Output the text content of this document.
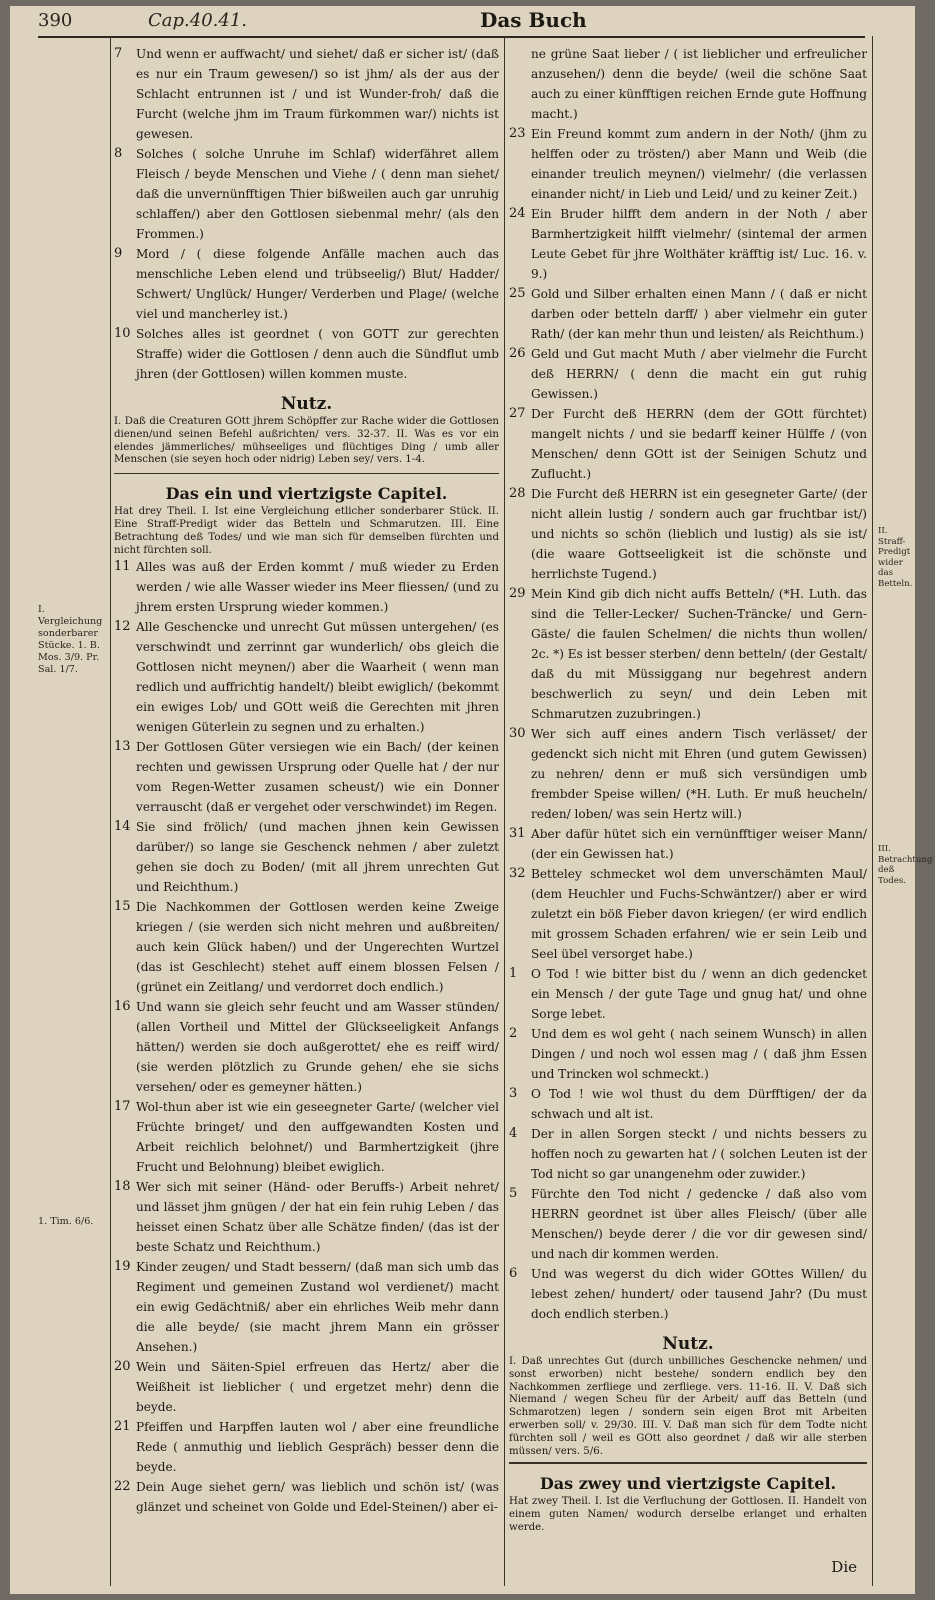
390	Cap.40.41.	Das Buch
I. Vergleichung sonderbarer Stücke. 1. B. Mos. 3/9. Pr. Sal. 1/7.
1. Tim. 6/6.
II. Straff-Predigt wider das Betteln.
III. Betrachtung deß Todes.

7 Und wenn er auffwacht/ und siehet/ daß er sicher ist/ (daß es nur ein Traum gewesen/) so ist jhm/ als der aus der Schlacht entrunnen ist / und ist Wunder-froh/ daß die Furcht (welche jhm im Traum fürkommen war/) nichts ist gewesen.

8 Solches ( solche Unruhe im Schlaf) widerfähret allem Fleisch / beyde Menschen und Viehe / ( denn man siehet/ daß die unvernünfftigen Thier bißweilen auch gar unruhig schlaffen/) aber den Gottlosen siebenmal mehr/ (als den Frommen.)

9 Mord / ( diese folgende Anfälle machen auch das menschliche Leben elend und trübseelig/) Blut/ Hadder/ Schwert/ Unglück/ Hunger/ Verderben und Plage/ (welche viel und mancherley ist.)

10 Solches alles ist geordnet ( von GOTT zur gerechten Straffe) wider die Gottlosen / denn auch die Sündflut umb jhren (der Gottlosen) willen kommen muste.

Nutz.

I. Daß die Creaturen GOtt jhrem Schöpffer zur Rache wider die Gottlosen dienen/und seinen Befehl außrichten/ vers. 32-37. II. Was es vor ein elendes jämmerliches/ mühseeliges und flüchtiges Ding / umb aller Menschen (sie seyen hoch oder nidrig) Leben sey/ vers. 1-4.

Das ein und viertzigste Capitel.

Hat drey Theil. I. Ist eine Vergleichung etlicher sonderbarer Stück. II. Eine Straff-Predigt wider das Betteln und Schmarutzen. III. Eine Betrachtung deß Todes/ und wie man sich für demselben fürchten und nicht fürchten soll.

11 Alles was auß der Erden kommt / muß wieder zu Erden werden / wie alle Wasser wieder ins Meer fliessen/ (und zu jhrem ersten Ursprung wieder kommen.)

12 Alle Geschencke und unrecht Gut müssen untergehen/ (es verschwindt und zerrinnt gar wunderlich/ obs gleich die Gottlosen nicht meynen/) aber die Waarheit ( wenn man redlich und auffrichtig handelt/) bleibt ewiglich/ (bekommt ein ewiges Lob/ und GOtt weiß die Gerechten mit jhren wenigen Güterlein zu segnen und zu erhalten.)

13 Der Gottlosen Güter versiegen wie ein Bach/ (der keinen rechten und gewissen Ursprung oder Quelle hat / der nur vom Regen-Wetter zusamen scheust/) wie ein Donner verrauscht (daß er vergehet oder verschwindet) im Regen.

14 Sie sind frölich/ (und machen jhnen kein Gewissen darüber/) so lange sie Geschenck nehmen / aber zuletzt gehen sie doch zu Boden/ (mit all jhrem unrechten Gut und Reichthum.)

15 Die Nachkommen der Gottlosen werden keine Zweige kriegen / (sie werden sich nicht mehren und außbreiten/ auch kein Glück haben/) und der Ungerechten Wurtzel (das ist Geschlecht) stehet auff einem blossen Felsen / (grünet ein Zeitlang/ und verdorret doch endlich.)

16 Und wann sie gleich sehr feucht und am Wasser stünden/ (allen Vortheil und Mittel der Glückseeligkeit Anfangs hätten/) werden sie doch außgerottet/ ehe es reiff wird/ (sie werden plötzlich zu Grunde gehen/ ehe sie sichs versehen/ oder es gemeyner hätten.)

17 Wol-thun aber ist wie ein geseegneter Garte/ (welcher viel Früchte bringet/ und den auffgewandten Kosten und Arbeit reichlich belohnet/) und Barmhertzigkeit (jhre Frucht und Belohnung) bleibet ewiglich.

18 Wer sich mit seiner (Händ- oder Beruffs-) Arbeit nehret/ und lässet jhm gnügen / der hat ein fein ruhig Leben / das heisset einen Schatz über alle Schätze finden/ (das ist der beste Schatz und Reichthum.)

19 Kinder zeugen/ und Stadt bessern/ (daß man sich umb das Regiment und gemeinen Zustand wol verdienet/) macht ein ewig Gedächtniß/ aber ein ehrliches Weib mehr dann die alle beyde/ (sie macht jhrem Mann ein grösser Ansehen.)

20 Wein und Säiten-Spiel erfreuen das Hertz/ aber die Weißheit ist lieblicher ( und ergetzet mehr) denn die beyde.

21 Pfeiffen und Harpffen lauten wol / aber eine freundliche Rede ( anmuthig und lieblich Gespräch) besser denn die beyde.

22 Dein Auge siehet gern/ was lieblich und schön ist/ (was glänzet und scheinet von Golde und Edel-Steinen/) aber ei-

ne grüne Saat lieber / ( ist lieblicher und erfreulicher anzusehen/) denn die beyde/ (weil die schöne Saat auch zu einer künfftigen reichen Ernde gute Hoffnung macht.)

23 Ein Freund kommt zum andern in der Noth/ (jhm zu helffen oder zu trösten/) aber Mann und Weib (die einander treulich meynen/) vielmehr/ (die verlassen einander nicht/ in Lieb und Leid/ und zu keiner Zeit.)

24 Ein Bruder hilfft dem andern in der Noth / aber Barmhertzigkeit hilfft vielmehr/ (sintemal der armen Leute Gebet für jhre Wolthäter kräfftig ist/ Luc. 16. v. 9.)

25 Gold und Silber erhalten einen Mann / ( daß er nicht darben oder betteln darff/ ) aber vielmehr ein guter Rath/ (der kan mehr thun und leisten/ als Reichthum.)

26 Geld und Gut macht Muth / aber vielmehr die Furcht deß HERRN/ ( denn die macht ein gut ruhig Gewissen.)

27 Der Furcht deß HERRN (dem der GOtt fürchtet) mangelt nichts / und sie bedarff keiner Hülffe / (von Menschen/ denn GOtt ist der Seinigen Schutz und Zuflucht.)

28 Die Furcht deß HERRN ist ein gesegneter Garte/ (der nicht allein lustig / sondern auch gar fruchtbar ist/) und nichts so schön (lieblich und lustig) als sie ist/ (die waare Gottseeligkeit ist die schönste und herrlichste Tugend.)

29 Mein Kind gib dich nicht auffs Betteln/ (*H. Luth. das sind die Teller-Lecker/ Suchen-Träncke/ und Gern-Gäste/ die faulen Schelmen/ die nichts thun wollen/ 2c. *) Es ist besser sterben/ denn betteln/ (der Gestalt/ daß du mit Müssiggang nur begehrest andern beschwerlich zu seyn/ und dein Leben mit Schmarutzen zuzubringen.)

30 Wer sich auff eines andern Tisch verlässet/ der gedenckt sich nicht mit Ehren (und gutem Gewissen) zu nehren/ denn er muß sich versündigen umb frembder Speise willen/ (*H. Luth. Er muß heucheln/ reden/ loben/ was sein Hertz will.)

31 Aber dafür hütet sich ein vernünfftiger weiser Mann/ (der ein Gewissen hat.)

32 Betteley schmecket wol dem unverschämten Maul/ (dem Heuchler und Fuchs-Schwäntzer/) aber er wird zuletzt ein böß Fieber davon kriegen/ (er wird endlich mit grossem Schaden erfahren/ wie er sein Leib und Seel übel versorget habe.)

1 O Tod ! wie bitter bist du / wenn an dich gedencket ein Mensch / der gute Tage und gnug hat/ und ohne Sorge lebet.

2 Und dem es wol geht ( nach seinem Wunsch) in allen Dingen / und noch wol essen mag / ( daß jhm Essen und Trincken wol schmeckt.)

3 O Tod ! wie wol thust du dem Dürfftigen/ der da schwach und alt ist.

4 Der in allen Sorgen steckt / und nichts bessers zu hoffen noch zu gewarten hat / ( solchen Leuten ist der Tod nicht so gar unangenehm oder zuwider.)

5 Fürchte den Tod nicht / gedencke / daß also vom HERRN geordnet ist über alles Fleisch/ (über alle Menschen/) beyde derer / die vor dir gewesen sind/ und nach dir kommen werden.

6 Und was wegerst du dich wider GOttes Willen/ du lebest zehen/ hundert/ oder tausend Jahr? (Du must doch endlich sterben.)

Nutz.

I. Daß unrechtes Gut (durch unbilliches Geschencke nehmen/ und sonst erworben) nicht bestehe/ sondern endlich bey den Nachkommen zerfliege und zerfliege. vers. 11-16. II. V. Daß sich Niemand / wegen Scheu für der Arbeit/ auff das Betteln (und Schmarotzen) legen / sondern sein eigen Brot mit Arbeiten erwerben soll/ v. 29/30. III. V. Daß man sich für dem Todte nicht fürchten soll / weil es GOtt also geordnet / daß wir alle sterben müssen/ vers. 5/6.

Das zwey und viertzigste Capitel.

Hat zwey Theil. I. Ist die Verfluchung der Gottlosen. II. Handelt von einem guten Namen/ wodurch derselbe erlanget und erhalten werde.

Die
